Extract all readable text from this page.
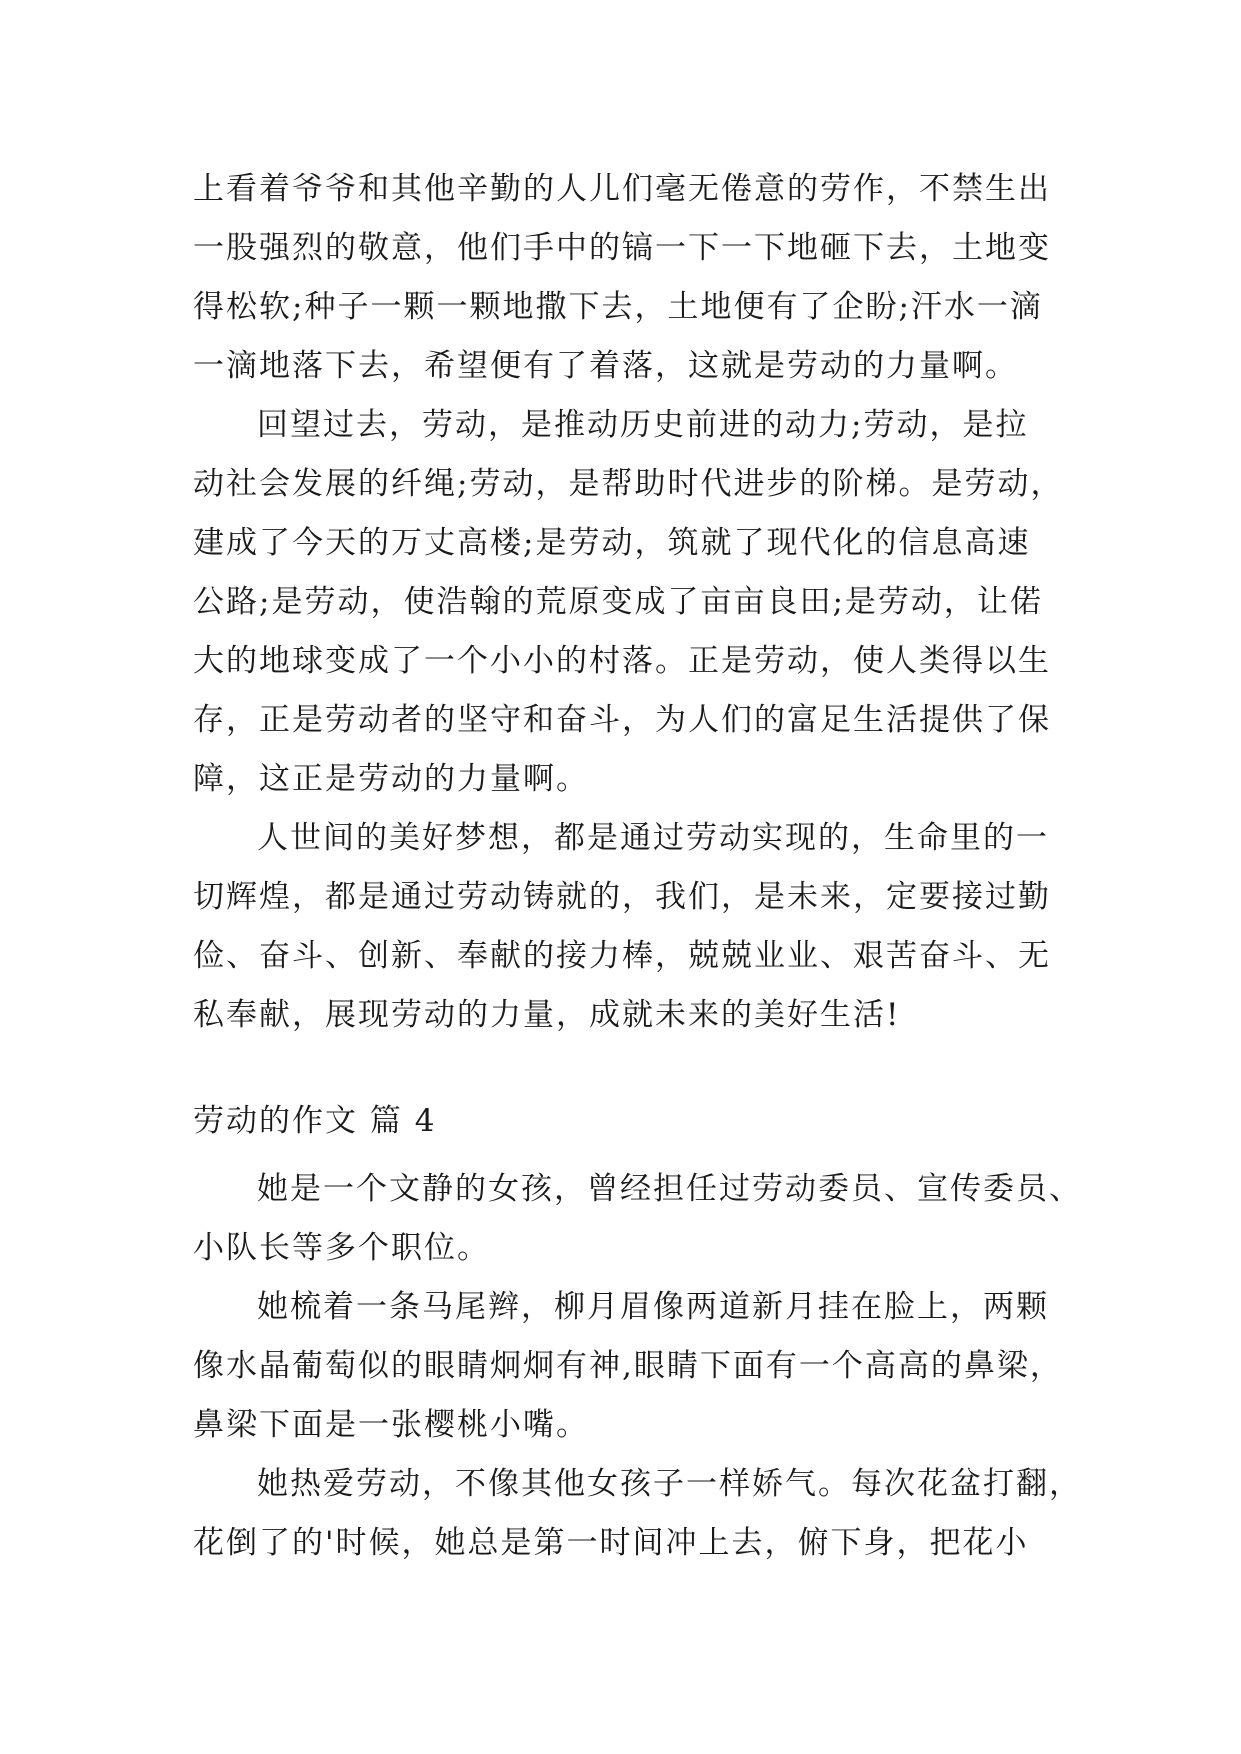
上看着爷爷和其他辛勤的人儿们毫无倦意的劳作，不禁生出
一股强烈的敬意，他们手中的镐一下一下地砸下去，土地变
得松软;种子一颗一颗地撒下去，土地便有了企盼;汗水一滴
一滴地落下去，希望便有了着落，这就是劳动的力量啊。
回望过去，劳动，是推动历史前进的动力;劳动，是拉
动社会发展的纤绳;劳动，是帮助时代进步的阶梯。是劳动，
建成了今天的万丈高楼;是劳动，筑就了现代化的信息高速
公路;是劳动，使浩翰的荒原变成了亩亩良田;是劳动，让偌
大的地球变成了一个小小的村落。正是劳动，使人类得以生
存，正是劳动者的坚守和奋斗，为人们的富足生活提供了保
障，这正是劳动的力量啊。
人世间的美好梦想，都是通过劳动实现的，生命里的一
切辉煌，都是通过劳动铸就的，我们，是未来，定要接过勤
俭、奋斗、创新、奉献的接力棒，兢兢业业、艰苦奋斗、无
私奉献，展现劳动的力量，成就未来的美好生活!
劳动的作文 篇 4
她是一个文静的女孩，曾经担任过劳动委员、宣传委员、
小队长等多个职位。
她梳着一条马尾辫，柳月眉像两道新月挂在脸上，两颗
像水晶葡萄似的眼睛炯炯有神,眼睛下面有一个高高的鼻梁，
鼻梁下面是一张樱桃小嘴。
她热爱劳动，不像其他女孩子一样娇气。每次花盆打翻，
花倒了的'时候，她总是第一时间冲上去，俯下身，把花小
